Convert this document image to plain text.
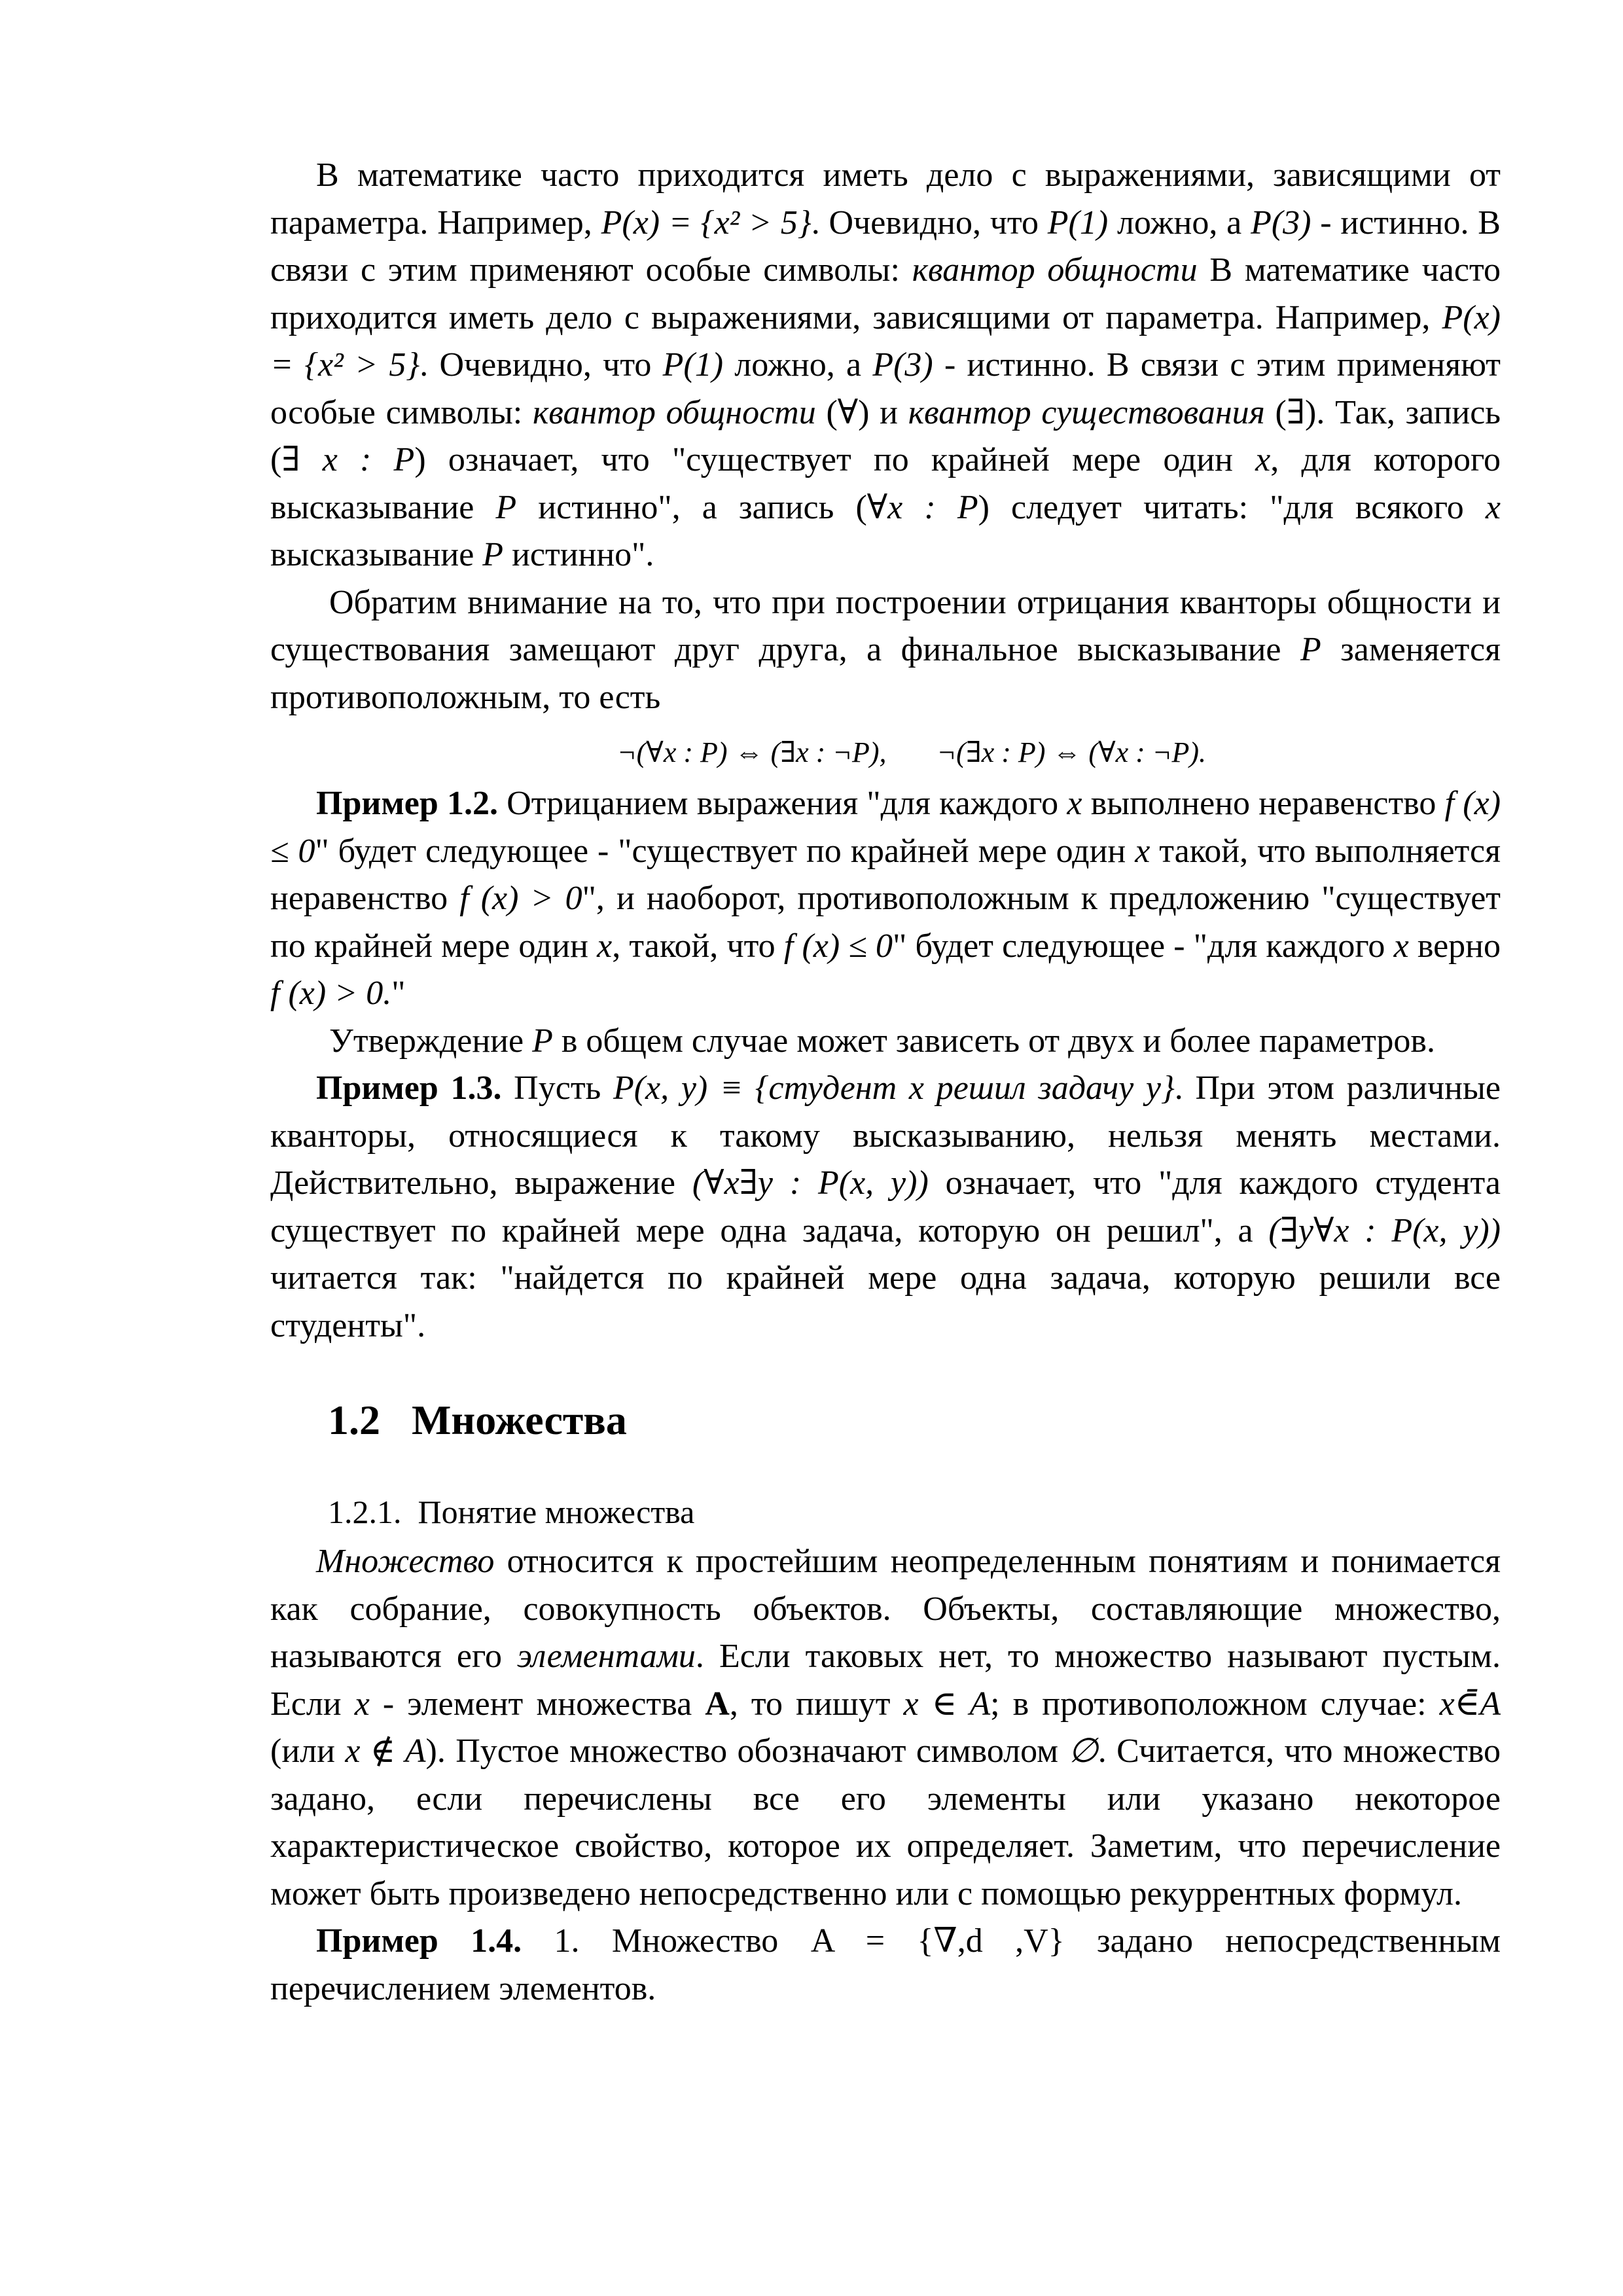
В математике часто приходится иметь дело с выражениями, зависящими от параметра. Например, P(x) = {x² > 5}. Очевидно, что P(1) ложно, а P(3) - истинно. В связи с этим применяют особые символы: квантор общности В математике часто приходится иметь дело с выражениями, зависящими от параметра. Например, P(x) = {x² > 5}. Очевидно, что P(1) ложно, а P(3) - истинно. В связи с этим применяют особые символы: квантор общности (∀) и квантор существования (∃). Так, запись (∃ x : P) означает, что "существует по крайней мере один x, для которого высказывание P истинно", а запись (∀x : P) следует читать: "для всякого x высказывание P истинно".

Обратим внимание на то, что при построении отрицания кванторы общности и существования замещают друг друга, а финальное высказывание P заменяется противоположным, то есть

¬(∀x : P) ⇔ (∃x : ¬P),       ¬(∃x : P) ⇔ (∀x : ¬P).

Пример 1.2. Отрицанием выражения "для каждого x выполнено неравенство f (x) ≤ 0" будет следующее - "существует по крайней мере один x такой, что выполняется неравенство f (x) > 0", и наоборот, противоположным к предложению "существует по крайней мере один x, такой, что f (x) ≤ 0" будет следующее - "для каждого x верно f (x) > 0."

Утверждение P в общем случае может зависеть от двух и более параметров.

Пример 1.3. Пусть P(x, y) ≡ {студент x решил задачу y}. При этом различные кванторы, относящиеся к такому высказыванию, нельзя менять местами. Действительно, выражение (∀x∃y : P(x, y)) означает, что "для каждого студента существует по крайней мере одна задача, которую он решил", а (∃y∀x : P(x, y)) читается так: "найдется по крайней мере одна задача, которую решили все студенты".

1.2 Множества
1.2.1. Понятие множества

Множество относится к простейшим неопределенным понятиям и понимается как собрание, совокупность объектов. Объекты, составляющие множество, называются его элементами. Если таковых нет, то множество называют пустым. Если x - элемент множества A, то пишут x ∈ A; в противоположном случае: x∈̄A (или x ∉ A). Пустое множество обозначают символом ∅. Считается, что множество задано, если перечислены все его элементы или указано некоторое характеристическое свойство, которое их определяет. Заметим, что перечисление может быть произведено непосредственно или с помощью рекуррентных формул.

Пример 1.4. 1. Множество A = {∇,d ,V} задано непосредственным перечислением элементов.
